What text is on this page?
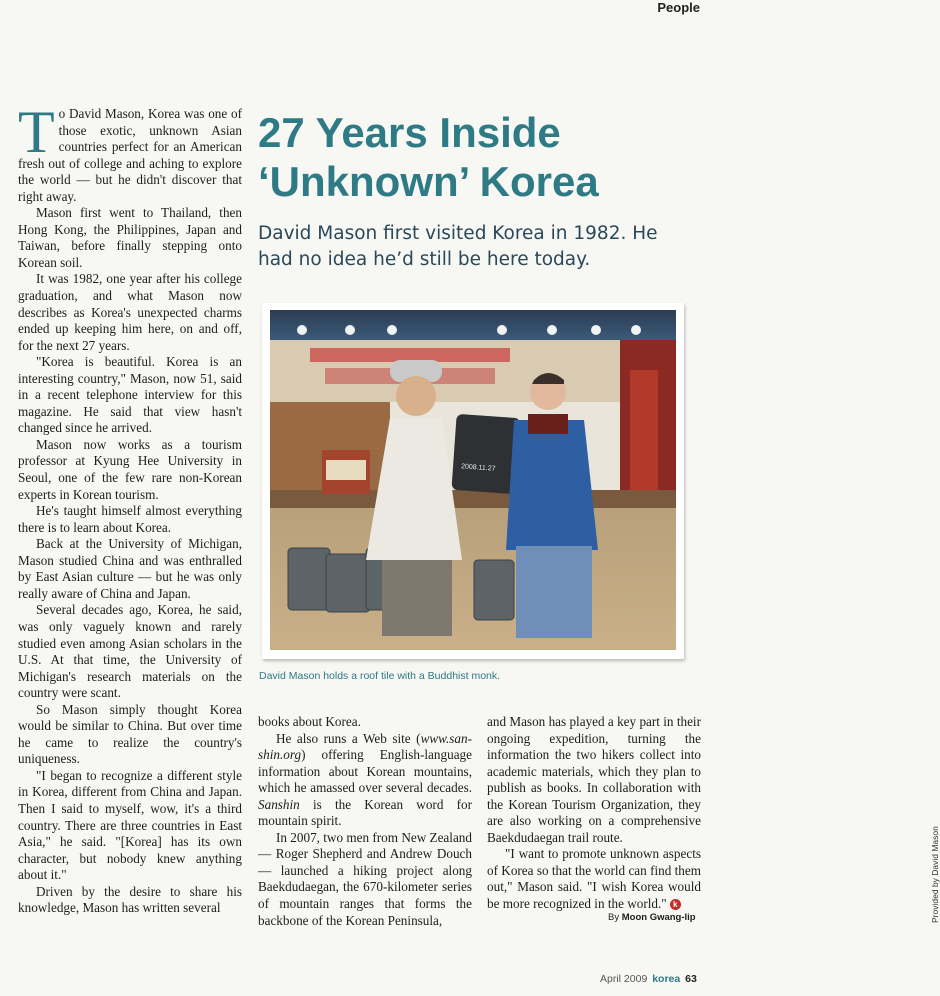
People
27 Years Inside ‘Unknown’ Korea

David Mason first visited Korea in 1982. He had no idea he’d still be here today.

To David Mason, Korea was one of those exotic, unknown Asian countries perfect for an American fresh out of college and aching to explore the world — but he didn't discover that right away.

Mason first went to Thailand, then Hong Kong, the Philippines, Japan and Taiwan, before finally stepping onto Korean soil.

It was 1982, one year after his college graduation, and what Mason now describes as Korea's unexpected charms ended up keeping him here, on and off, for the next 27 years.

"Korea is beautiful. Korea is an interesting country," Mason, now 51, said in a recent telephone interview for this magazine. He said that view hasn't changed since he arrived.

Mason now works as a tourism professor at Kyung Hee University in Seoul, one of the few rare non-Korean experts in Korean tourism.

He's taught himself almost everything there is to learn about Korea.

Back at the University of Michigan, Mason studied China and was enthralled by East Asian culture — but he was only really aware of China and Japan.

Several decades ago, Korea, he said, was only vaguely known and rarely studied even among Asian scholars in the U.S. At that time, the University of Michigan's research materials on the country were scant.

So Mason simply thought Korea would be similar to China. But over time he came to realize the country's uniqueness.

"I began to recognize a different style in Korea, different from China and Japan. Then I said to myself, wow, it's a third country. There are three countries in East Asia," he said. "[Korea] has its own character, but nobody knew anything about it."

Driven by the desire to share his knowledge, Mason has written several

2008.11.27
Provided by David Mason
David Mason holds a roof tile with a Buddhist monk.

books about Korea.

He also runs a Web site (www.san-shin.org) offering English-language information about Korean mountains, which he amassed over several decades. Sanshin is the Korean word for mountain spirit.

In 2007, two men from New Zealand — Roger Shepherd and Andrew Douch — launched a hiking project along Baekdudaegan, the 670-kilometer series of mountain ranges that forms the backbone of the Korean Peninsula,

and Mason has played a key part in their ongoing expedition, turning the information the two hikers collect into academic materials, which they plan to publish as books. In collaboration with the Korean Tourism Organization, they are also working on a comprehensive Baekdudaegan trail route.

"I want to promote unknown aspects of Korea so that the world can find them out," Mason said. "I wish Korea would be more recognized in the world." k

By Moon Gwang-lip
April 2009 korea 63
